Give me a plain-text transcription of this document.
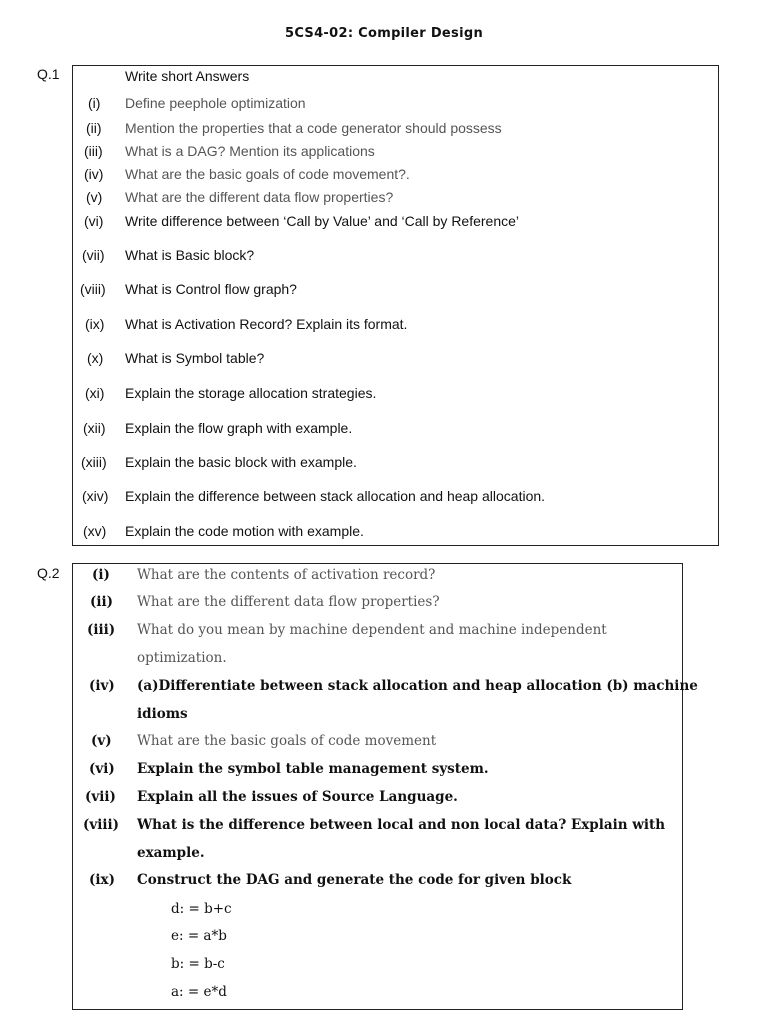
5CS4-02: Compiler Design
Q.1	Write short Answers
(i) Define peephole optimization
(ii) Mention the properties that a code generator should possess
(iii) What is a DAG? Mention its applications
(iv) What are the basic goals of code movement?.
(v) What are the different data flow properties?
(vi) Write difference between ‘Call by Value’ and ‘Call by Reference’
(vii) What is Basic block?
(viii) What is Control flow graph?
(ix) What is Activation Record? Explain its format.
(x) What is Symbol table?
(xi) Explain the storage allocation strategies.
(xii) Explain the flow graph with example.
(xiii) Explain the basic block with example.
(xiv) Explain the difference between stack allocation and heap allocation.
(xv) Explain the code motion with example.
Q.2 (i) What are the contents of activation record?
(ii) What are the different data flow properties?
(iii) What do you mean by machine dependent and machine independent
optimization.
(iv) (a)Differentiate between stack allocation and heap allocation (b) machine
idioms
(v) What are the basic goals of code movement
(vi) Explain the symbol table management system.
(vii) Explain all the issues of Source Language.
(viii) What is the difference between local and non local data? Explain with
example.
(ix) Construct the DAG and generate the code for given block
d: = b+c
e: = a*b
b: = b-c
a: = e*d
